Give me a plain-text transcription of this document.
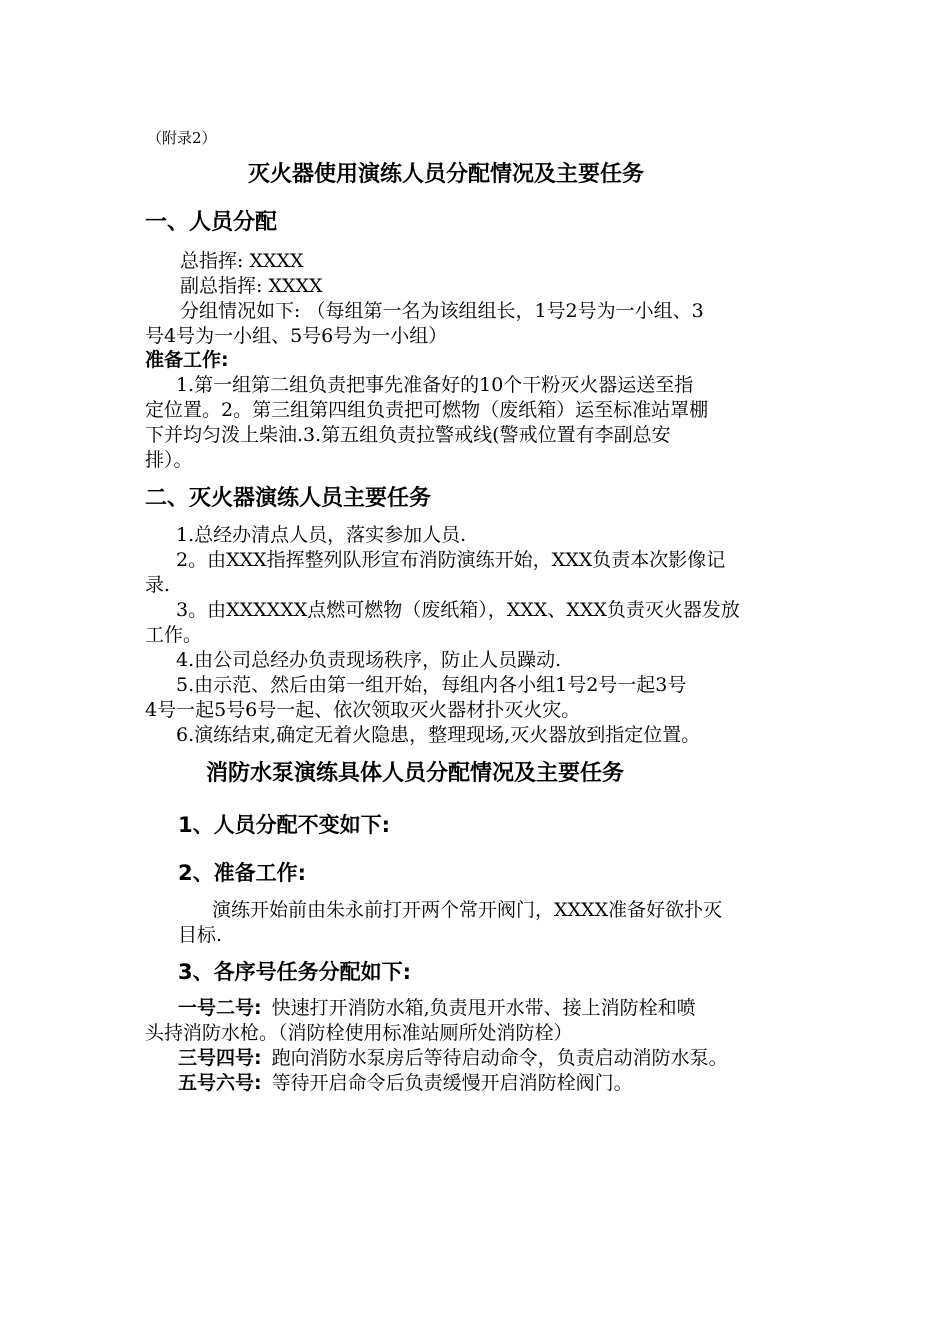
（附录2）
灭火器使用演练人员分配情况及主要任务
一、人员分配
总指挥: XXXX
副总指挥: XXXX
分组情况如下: （每组第一名为该组组长，1号2号为一小组、3
号4号为一小组、5号6号为一小组）
准备工作:
1.第一组第二组负责把事先准备好的10个干粉灭火器运送至指
定位置。2。第三组第四组负责把可燃物（废纸箱）运至标准站罩棚
下并均匀泼上柴油.3.第五组负责拉警戒线(警戒位置有李副总安
排）。
二、灭火器演练人员主要任务
1.总经办清点人员，落实参加人员.
2。由XXX指挥整列队形宣布消防演练开始，XXX负责本次影像记
录.
3。由XXXXXX点燃可燃物（废纸箱），XXX、XXX负责灭火器发放
工作。
4.由公司总经办负责现场秩序，防止人员躁动.
5.由示范、然后由第一组开始，每组内各小组1号2号一起3号
4号一起5号6号一起、依次领取灭火器材扑灭火灾。
6.演练结束,确定无着火隐患，整理现场,灭火器放到指定位置。
消防水泵演练具体人员分配情况及主要任务
1、人员分配不变如下:
2、准备工作:
演练开始前由朱永前打开两个常开阀门，XXXX准备好欲扑灭
目标.
3、各序号任务分配如下:
一号二号: 快速打开消防水箱,负责甩开水带、接上消防栓和喷
头持消防水枪。（消防栓使用标准站厕所处消防栓）
三号四号: 跑向消防水泵房后等待启动命令，负责启动消防水泵。
五号六号: 等待开启命令后负责缓慢开启消防栓阀门。
